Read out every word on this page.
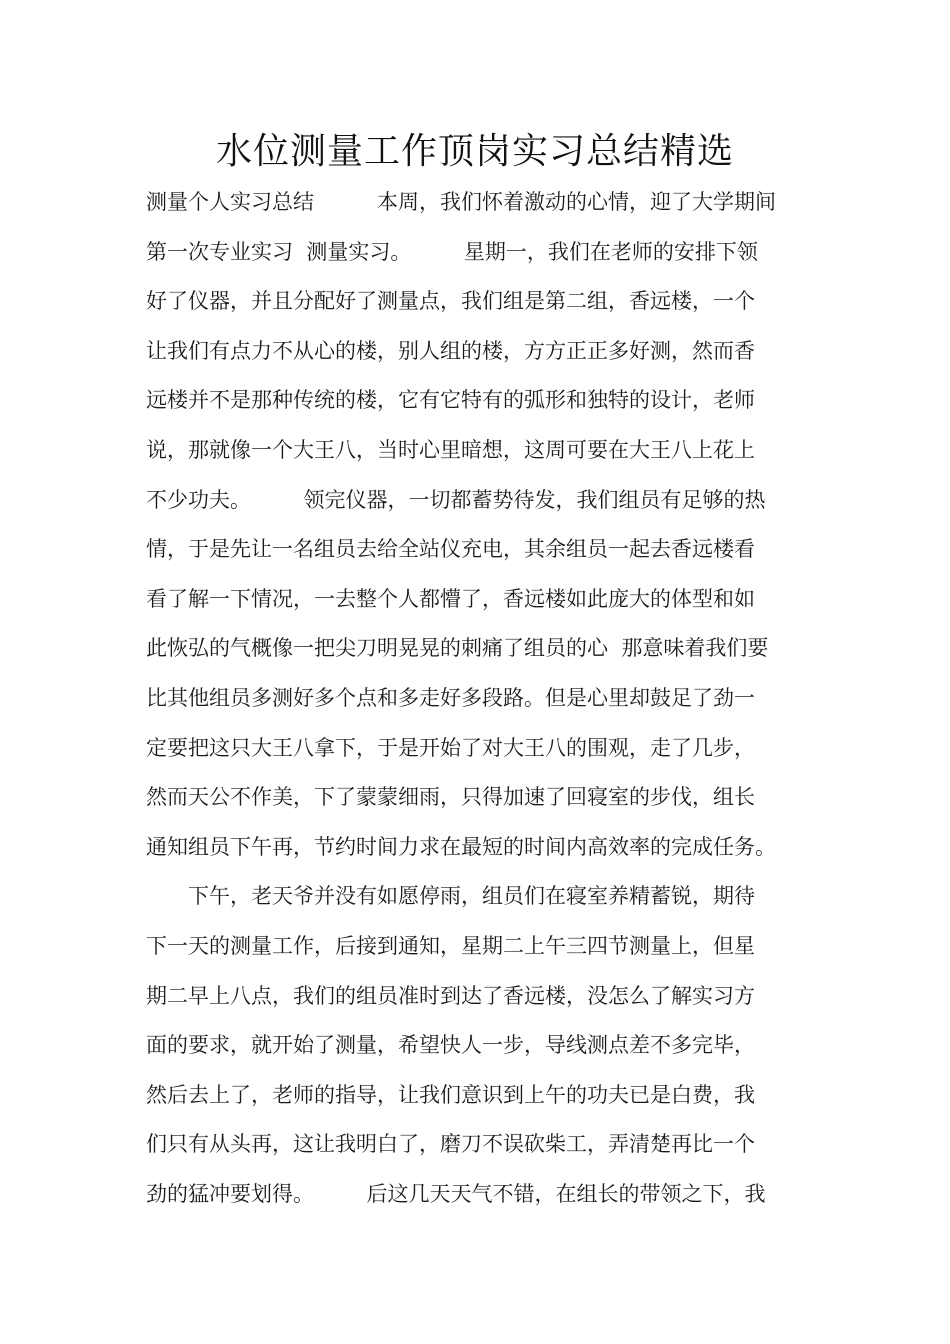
水位测量工作顶岗实习总结精选
测量个人实习总结　　　本周，我们怀着激动的心情，迎了大学期间
第一次专业实习  测量实习。　　　星期一，我们在老师的安排下领
好了仪器，并且分配好了测量点，我们组是第二组，香远楼，一个
让我们有点力不从心的楼，别人组的楼，方方正正多好测，然而香
远楼并不是那种传统的楼，它有它特有的弧形和独特的设计，老师
说，那就像一个大王八，当时心里暗想，这周可要在大王八上花上
不少功夫。　　　领完仪器，一切都蓄势待发，我们组员有足够的热
情，于是先让一名组员去给全站仪充电，其余组员一起去香远楼看
看了解一下情况，一去整个人都懵了，香远楼如此庞大的体型和如
此恢弘的气概像一把尖刀明晃晃的刺痛了组员的心  那意味着我们要
比其他组员多测好多个点和多走好多段路。但是心里却鼓足了劲一
定要把这只大王八拿下，于是开始了对大王八的围观，走了几步，
然而天公不作美，下了蒙蒙细雨，只得加速了回寝室的步伐，组长
通知组员下午再，节约时间力求在最短的时间内高效率的完成任务。
　　下午，老天爷并没有如愿停雨，组员们在寝室养精蓄锐，期待
下一天的测量工作，后接到通知，星期二上午三四节测量上，但星
期二早上八点，我们的组员准时到达了香远楼，没怎么了解实习方
面的要求，就开始了测量，希望快人一步，导线测点差不多完毕，
然后去上了，老师的指导，让我们意识到上午的功夫已是白费，我
们只有从头再，这让我明白了，磨刀不误砍柴工，弄清楚再比一个
劲的猛冲要划得。　　　后这几天天气不错，在组长的带领之下，我
